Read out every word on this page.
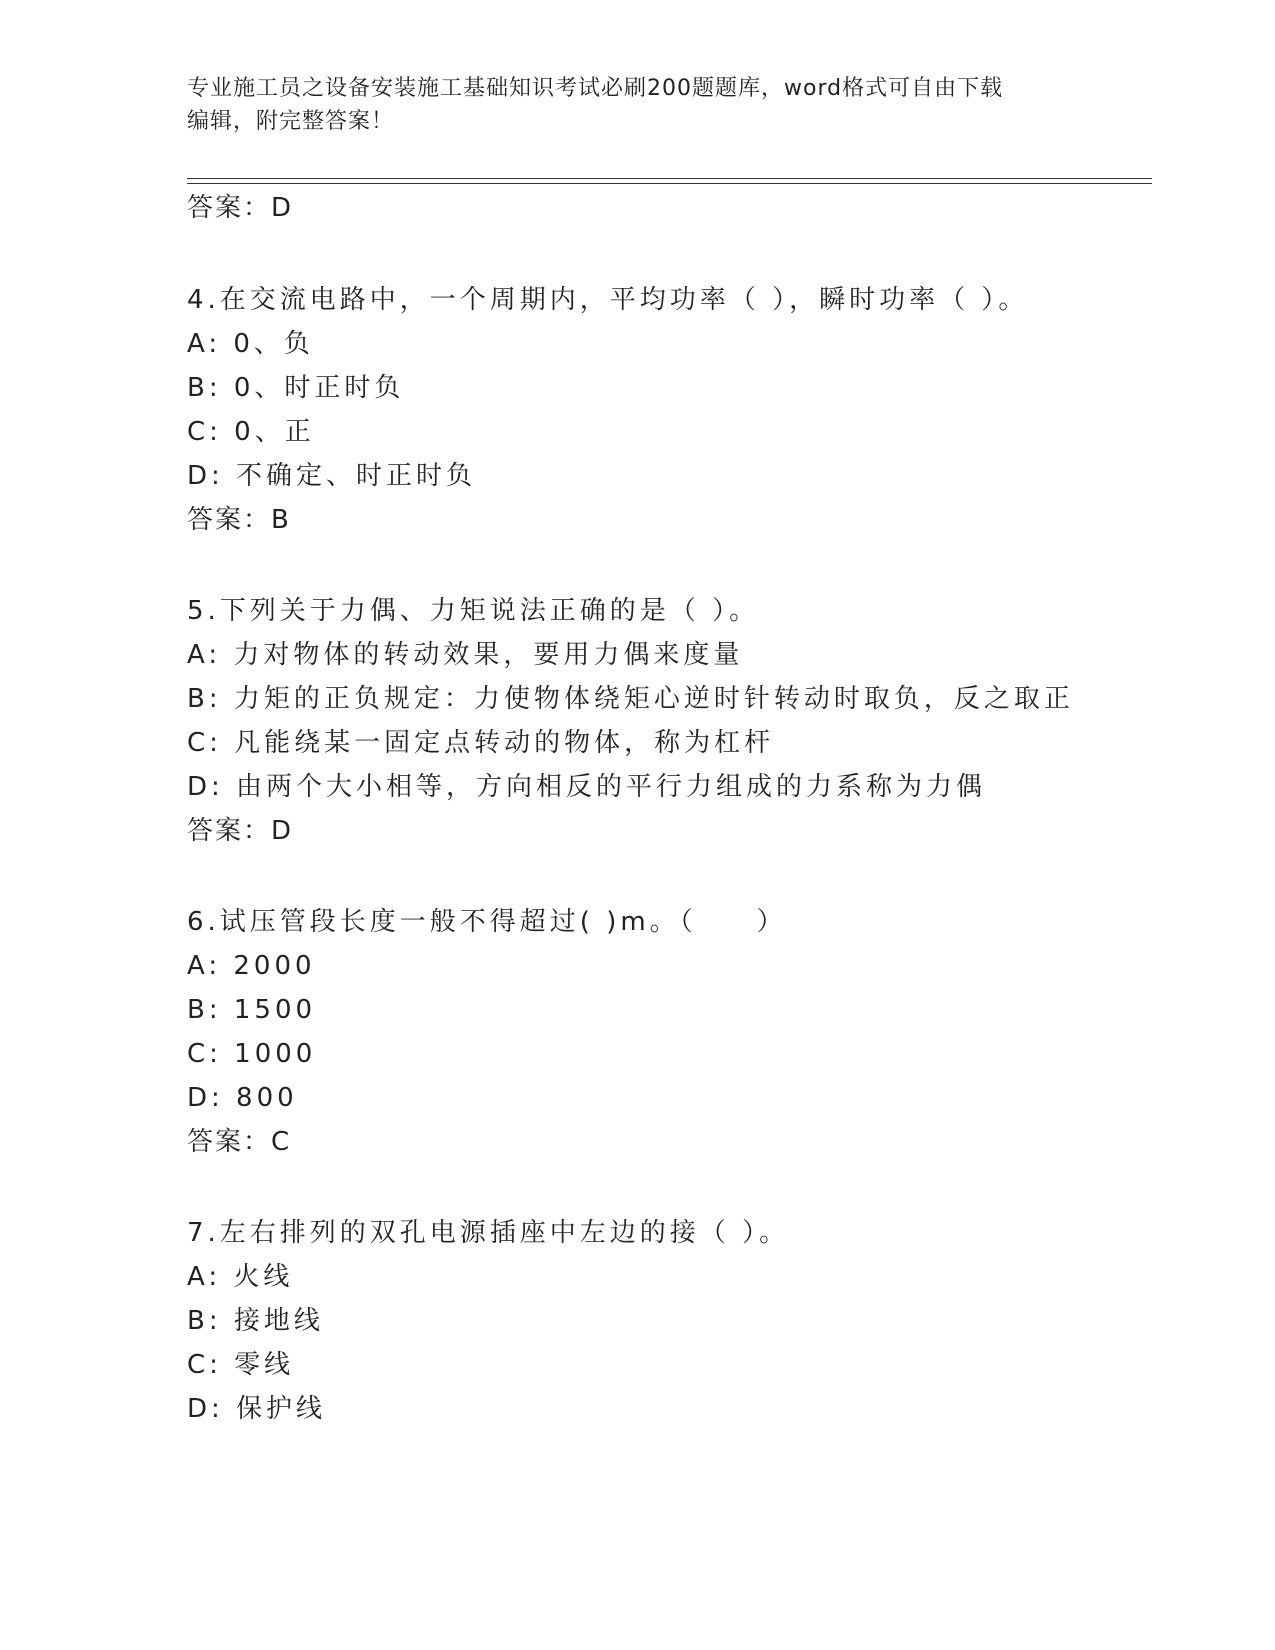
专业施工员之设备安装施工基础知识考试必刷200题题库，word格式可自由下载
编辑，附完整答案！
答案：D
4.在交流电路中，一个周期内，平均功率（ ），瞬时功率（ ）。
A: 0、负
B: 0、时正时负
C: 0、正
D: 不确定、时正时负
答案：B
5.下列关于力偶、力矩说法正确的是（ ）。
A: 力对物体的转动效果，要用力偶来度量
B: 力矩的正负规定：力使物体绕矩心逆时针转动时取负，反之取正
C: 凡能绕某一固定点转动的物体，称为杠杆
D: 由两个大小相等，方向相反的平行力组成的力系称为力偶
答案：D
6.试压管段长度一般不得超过( )m。（　　）
A: 2000
B: 1500
C: 1000
D: 800
答案：C
7.左右排列的双孔电源插座中左边的接（ ）。
A: 火线
B: 接地线
C: 零线
D: 保护线
